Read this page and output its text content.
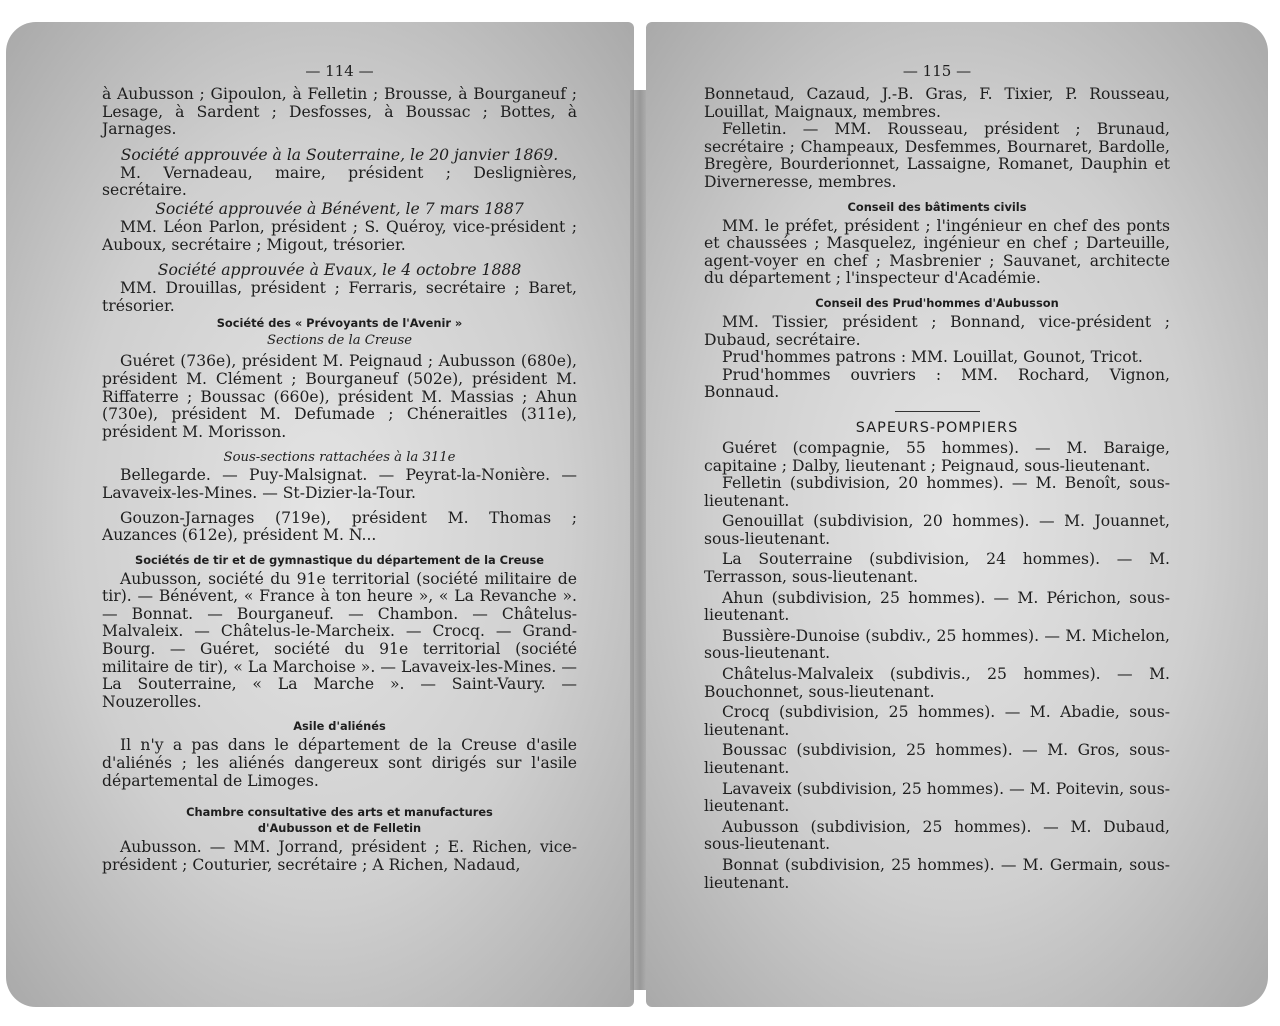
— 114 —

à Aubusson ; Gipoulon, à Felletin ; Brousse, à Bourganeuf ; Lesage, à Sardent ; Desfosses, à Boussac ; Bottes, à Jarnages.

Société approuvée à la Souterraine, le 20 janvier 1869.

M. Vernadeau, maire, président ; Deslignières, secrétaire.

Société approuvée à Bénévent, le 7 mars 1887

MM. Léon Parlon, président ; S. Quéroy, vice-président ; Auboux, secrétaire ; Migout, trésorier.

Société approuvée à Evaux, le 4 octobre 1888

MM. Drouillas, président ; Ferraris, secrétaire ; Baret, trésorier.

Société des « Prévoyants de l'Avenir »
Sections de la Creuse

Guéret (736e), président M. Peignaud ; Aubusson (680e), président M. Clément ; Bourganeuf (502e), président M. Riffaterre ; Boussac (660e), président M. Massias ; Ahun (730e), président M. Defumade ; Chéneraitles (311e), président M. Morisson.

Sous-sections rattachées à la 311e

Bellegarde. — Puy-Malsignat. — Peyrat-la-Nonière. — Lavaveix-les-Mines. — St-Dizier-la-Tour.

Gouzon-Jarnages (719e), président M. Thomas ; Auzances (612e), président M. N...

Sociétés de tir et de gymnastique du département de la Creuse

Aubusson, société du 91e territorial (société militaire de tir). — Bénévent, « France à ton heure », « La Revanche ». — Bonnat. — Bourganeuf. — Chambon. — Châtelus-Malvaleix. — Châtelus-le-Marcheix. — Crocq. — Grand-Bourg. — Guéret, société du 91e territorial (société militaire de tir), « La Marchoise ». — Lavaveix-les-Mines. — La Souterraine, « La Marche ». — Saint-Vaury. — Nouzerolles.

Asile d'aliénés

Il n'y a pas dans le département de la Creuse d'asile d'aliénés ; les aliénés dangereux sont dirigés sur l'asile départemental de Limoges.

Chambre consultative des arts et manufactures
d'Aubusson et de Felletin

Aubusson. — MM. Jorrand, président ; E. Richen, vice-président ; Couturier, secrétaire ; A Richen, Nadaud,

— 115 —

Bonnetaud, Cazaud, J.-B. Gras, F. Tixier, P. Rousseau, Louillat, Maignaux, membres.

Felletin. — MM. Rousseau, président ; Brunaud, secrétaire ; Champeaux, Desfemmes, Bournaret, Bardolle, Bregère, Bourderionnet, Lassaigne, Romanet, Dauphin et Diverneresse, membres.

Conseil des bâtiments civils

MM. le préfet, président ; l'ingénieur en chef des ponts et chaussées ; Masquelez, ingénieur en chef ; Darteuille, agent-voyer en chef ; Masbrenier ; Sauvanet, architecte du département ; l'inspecteur d'Académie.

Conseil des Prud'hommes d'Aubusson

MM. Tissier, président ; Bonnand, vice-président ; Dubaud, secrétaire.

Prud'hommes patrons : MM. Louillat, Gounot, Tricot.

Prud'hommes ouvriers : MM. Rochard, Vignon, Bonnaud.

SAPEURS-POMPIERS

Guéret (compagnie, 55 hommes). — M. Baraige, capitaine ; Dalby, lieutenant ; Peignaud, sous-lieutenant.

Felletin (subdivision, 20 hommes). — M. Benoît, sous-lieutenant.

Genouillat (subdivision, 20 hommes). — M. Jouannet, sous-lieutenant.

La Souterraine (subdivision, 24 hommes). — M. Terrasson, sous-lieutenant.

Ahun (subdivision, 25 hommes). — M. Périchon, sous-lieutenant.

Bussière-Dunoise (subdiv., 25 hommes). — M. Michelon, sous-lieutenant.

Châtelus-Malvaleix (subdivis., 25 hommes). — M. Bouchonnet, sous-lieutenant.

Crocq (subdivision, 25 hommes). — M. Abadie, sous-lieutenant.

Boussac (subdivision, 25 hommes). — M. Gros, sous-lieutenant.

Lavaveix (subdivision, 25 hommes). — M. Poitevin, sous-lieutenant.

Aubusson (subdivision, 25 hommes). — M. Dubaud, sous-lieutenant.

Bonnat (subdivision, 25 hommes). — M. Germain, sous-lieutenant.
